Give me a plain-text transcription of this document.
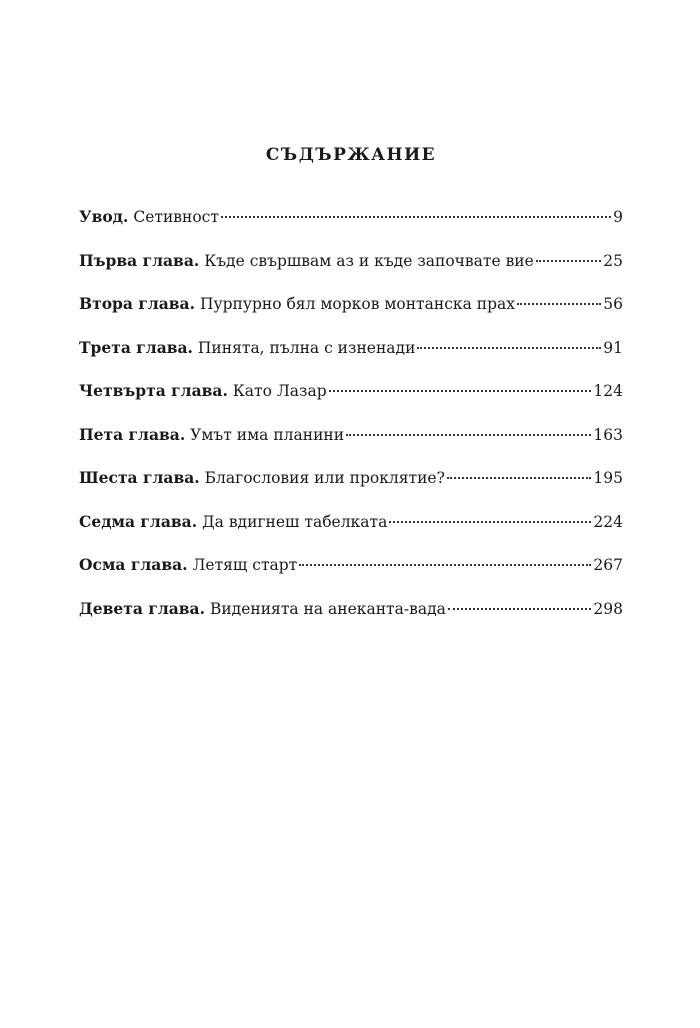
СЪДЪРЖАНИЕ
Увод. Сетивност	9
Първа глава. Къде свършвам аз и къде започвате вие	25
Втора глава. Пурпурно бял морков монтанска прах	56
Трета глава. Пинята, пълна с изненади	91
Четвърта глава. Като Лазар	124
Пета глава. Умът има планини	163
Шеста глава. Благословия или проклятие?	195
Седма глава. Да вдигнеш табелката	224
Осма глава. Летящ старт	267
Девета глава. Виденията на анеканта-вада	298
